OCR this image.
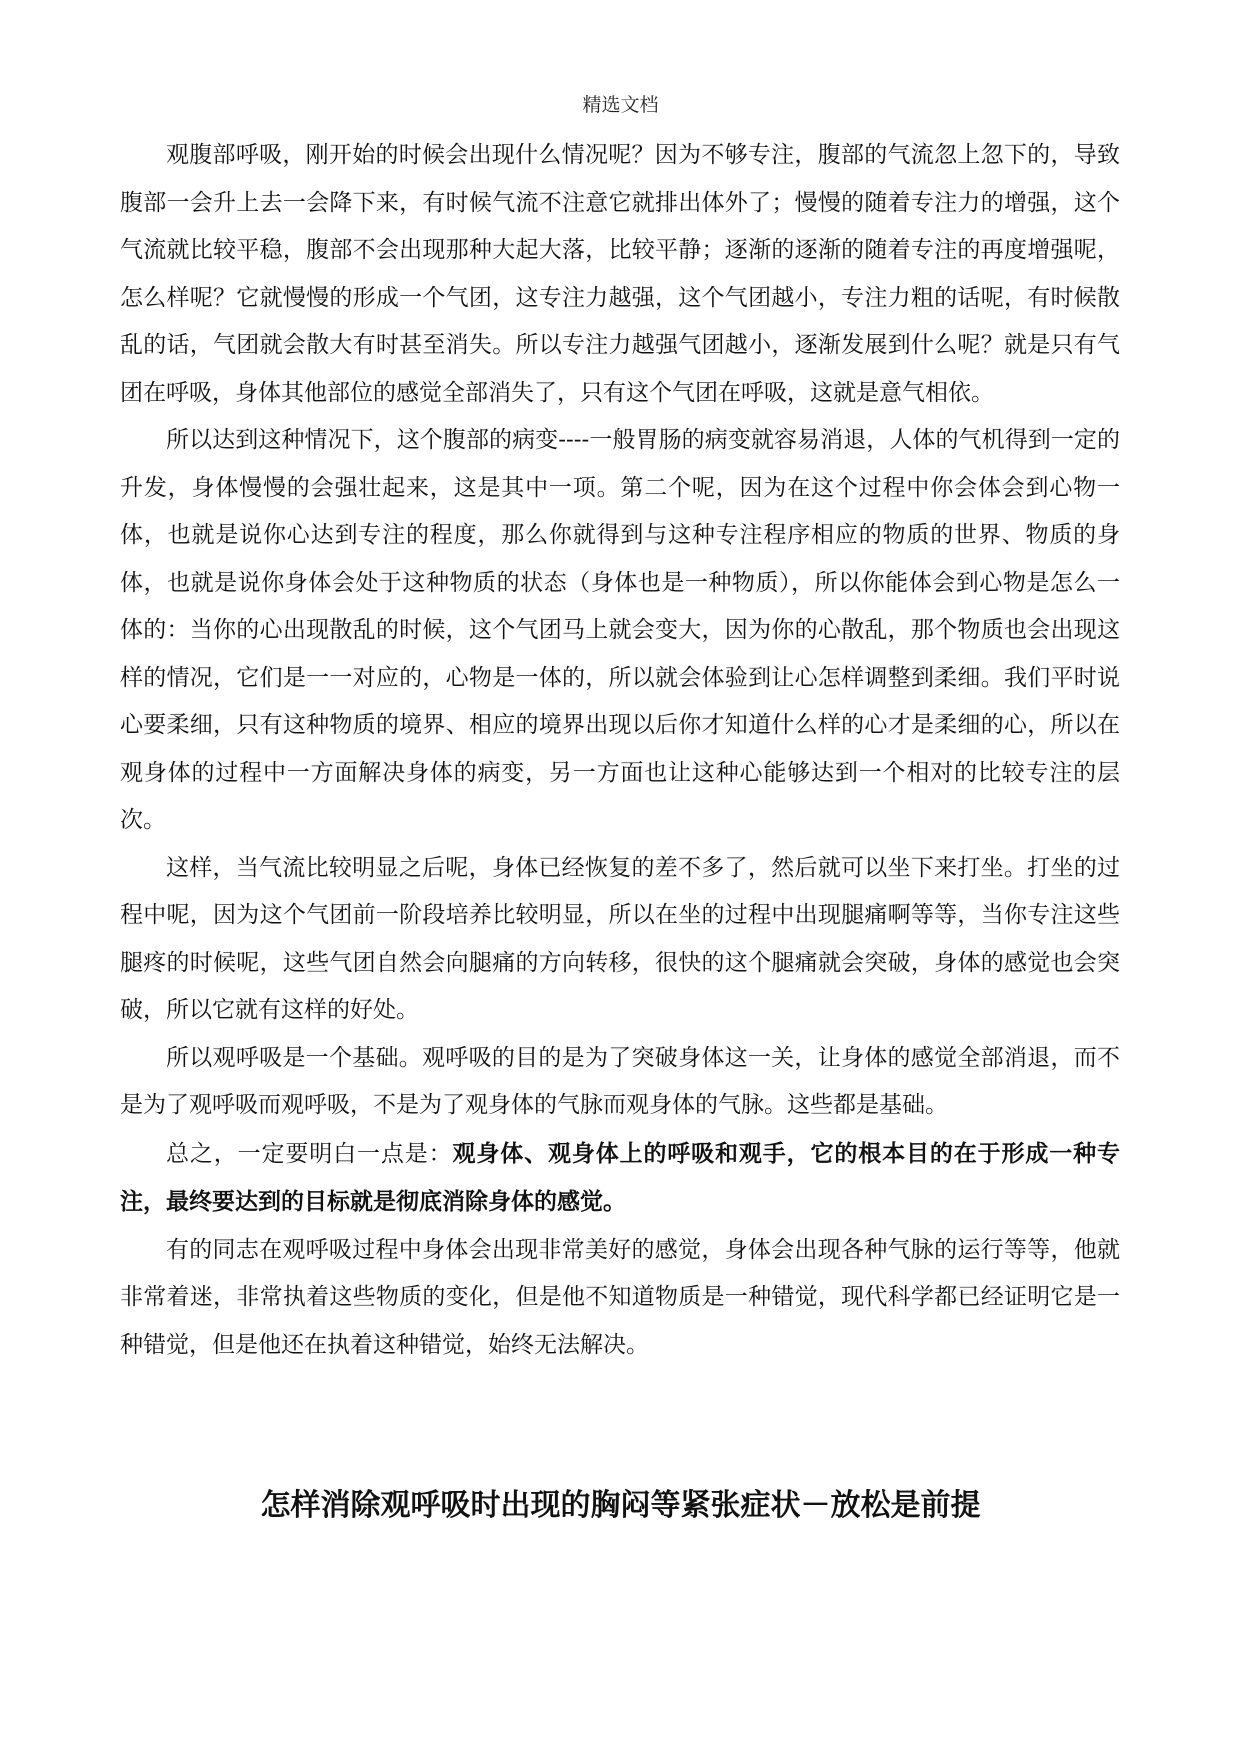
精选文档

观腹部呼吸，刚开始的时候会出现什么情况呢？因为不够专注，腹部的气流忽上忽下的，导致腹部一会升上去一会降下来，有时候气流不注意它就排出体外了；慢慢的随着专注力的增强，这个气流就比较平稳，腹部不会出现那种大起大落，比较平静；逐渐的逐渐的随着专注的再度增强呢，怎么样呢？它就慢慢的形成一个气团，这专注力越强，这个气团越小，专注力粗的话呢，有时候散乱的话，气团就会散大有时甚至消失。所以专注力越强气团越小，逐渐发展到什么呢？就是只有气团在呼吸，身体其他部位的感觉全部消失了，只有这个气团在呼吸，这就是意气相依。

所以达到这种情况下，这个腹部的病变----一般胃肠的病变就容易消退，人体的气机得到一定的升发，身体慢慢的会强壮起来，这是其中一项。第二个呢，因为在这个过程中你会体会到心物一体，也就是说你心达到专注的程度，那么你就得到与这种专注程序相应的物质的世界、物质的身体，也就是说你身体会处于这种物质的状态（身体也是一种物质），所以你能体会到心物是怎么一体的：当你的心出现散乱的时候，这个气团马上就会变大，因为你的心散乱，那个物质也会出现这样的情况，它们是一一对应的，心物是一体的，所以就会体验到让心怎样调整到柔细。我们平时说心要柔细，只有这种物质的境界、相应的境界出现以后你才知道什么样的心才是柔细的心，所以在观身体的过程中一方面解决身体的病变，另一方面也让这种心能够达到一个相对的比较专注的层次。

这样，当气流比较明显之后呢，身体已经恢复的差不多了，然后就可以坐下来打坐。打坐的过程中呢，因为这个气团前一阶段培养比较明显，所以在坐的过程中出现腿痛啊等等，当你专注这些腿疼的时候呢，这些气团自然会向腿痛的方向转移，很快的这个腿痛就会突破，身体的感觉也会突破，所以它就有这样的好处。

所以观呼吸是一个基础。观呼吸的目的是为了突破身体这一关，让身体的感觉全部消退，而不是为了观呼吸而观呼吸，不是为了观身体的气脉而观身体的气脉。这些都是基础。

总之，一定要明白一点是：观身体、观身体上的呼吸和观手，它的根本目的在于形成一种专注，最终要达到的目标就是彻底消除身体的感觉。

有的同志在观呼吸过程中身体会出现非常美好的感觉，身体会出现各种气脉的运行等等，他就非常着迷，非常执着这些物质的变化，但是他不知道物质是一种错觉，现代科学都已经证明它是一种错觉，但是他还在执着这种错觉，始终无法解决。

怎样消除观呼吸时出现的胸闷等紧张症状－放松是前提
